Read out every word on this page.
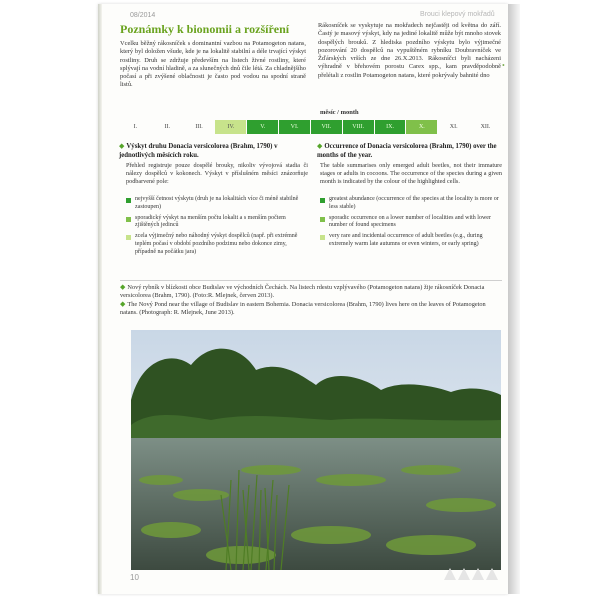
08/2014	Brouci klepový mokřadů
Poznámky k bionomii a rozšíření
Vcelku běžný rákosníček s dominantní vazbou na Potamogeton natans, který byl doložen všude, kde je na lokalitě stabilní a déle trvající výskyt rostliny. Druh se zdržuje především na listech živné rostliny, které splývají na vodní hladině, a za slunečných dnů čile létá. Za chladnějšího počasí a při zvýšené oblačnosti je často pod vodou na spodní straně listů.
Rákosníček se vyskytuje na mokřadech nejčastěji od května do září. Častý je masový výskyt, kdy na jediné lokalitě může být mnoho stovek dospělých brouků. Z hlediska pozdního výskytu bylo výjimečné pozorování 20 dospělců na vypuštěném rybníku Doubravníček ve Žďárských vrších ze dne 26.X.2013. Rákosníčci byli nacházeni výhradně v břehovém porostu Carex spp., kam pravděpodobně přelétali z rostlin Potamogeton natans, které pokrývaly bahnité dno
•
měsíc / month
I.	II.	III.	IV.	V.	VI.	VII.	VIII.	IX.	X.	XI.	XII.
◆ Výskyt druhu Donacia versicolorea (Brahm, 1790) v jednotlivých měsících roku.
◆ Occurrence of Donacia versicolorea (Brahm, 1790) over the months of the year.
Přehled registruje pouze dospělé brouky, nikoliv vývojová stadia či nálezy dospělců v kokonech. Výskyt v příslušném měsíci znázorňuje podbarvené pole:
The table summarises only emerged adult beetles, not their immature stages or adults in cocoons. The occurrence of the species during a given month is indicated by the colour of the highlighted cells.
nejvyšší četnost výskytu (druh je na lokalitách více či méně stabilně zastoupen)
sporadický výskyt na menším počtu lokalit a s menším počtem zjištěných jedinců
zcela výjimečný nebo náhodný výskyt dospělců (např. při extrémně teplém počasí v období pozdního podzimu nebo dokonce zimy, případně na počátku jara)
greatest abundance (occurrence of the species at the locality is more or less stable)
sporadic occurrence on a lower number of localities and with lower number of found specimens
very rare and incidental occurrence of adult beetles (e.g., during extremely warm late autumns or even winters, or early spring)
◆ Nový rybník v blízkosti obce Budislav ve východních Čechách. Na listech rdestu vzplývavého (Potamogeton natans) žije rákosníček Donacia versicolorea (Brahm, 1790). (Foto:R. Mlejnek, červen 2013).
◆ The Nový Pond near the village of Budislav in eastern Bohemia. Donacia versicolorea (Brahm, 1790) lives here on the leaves of Potamogeton natans. (Photograph: R. Mlejnek, June 2013).
10
